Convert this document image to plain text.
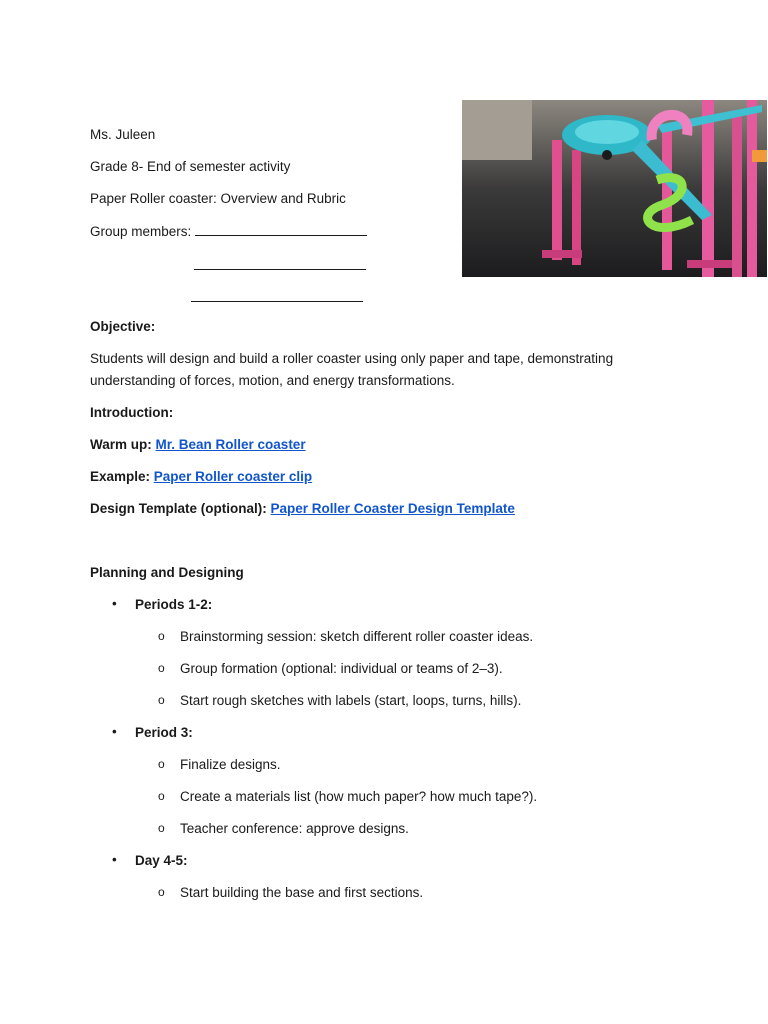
Ms. Juleen
Grade 8- End of semester activity
Paper Roller coaster: Overview and Rubric
Group members:
Objective:
Students will design and build a roller coaster using only paper and tape, demonstrating understanding of forces, motion, and energy transformations.
Introduction:
Warm up: Mr. Bean Roller coaster
Example: Paper Roller coaster clip
Design Template (optional): Paper Roller Coaster Design Template
Planning and Designing
• Periods 1-2:
o Brainstorming session: sketch different roller coaster ideas.
o Group formation (optional: individual or teams of 2–3).
o Start rough sketches with labels (start, loops, turns, hills).
• Period 3:
o Finalize designs.
o Create a materials list (how much paper? how much tape?).
o Teacher conference: approve designs.
• Day 4-5:
o Start building the base and first sections.
